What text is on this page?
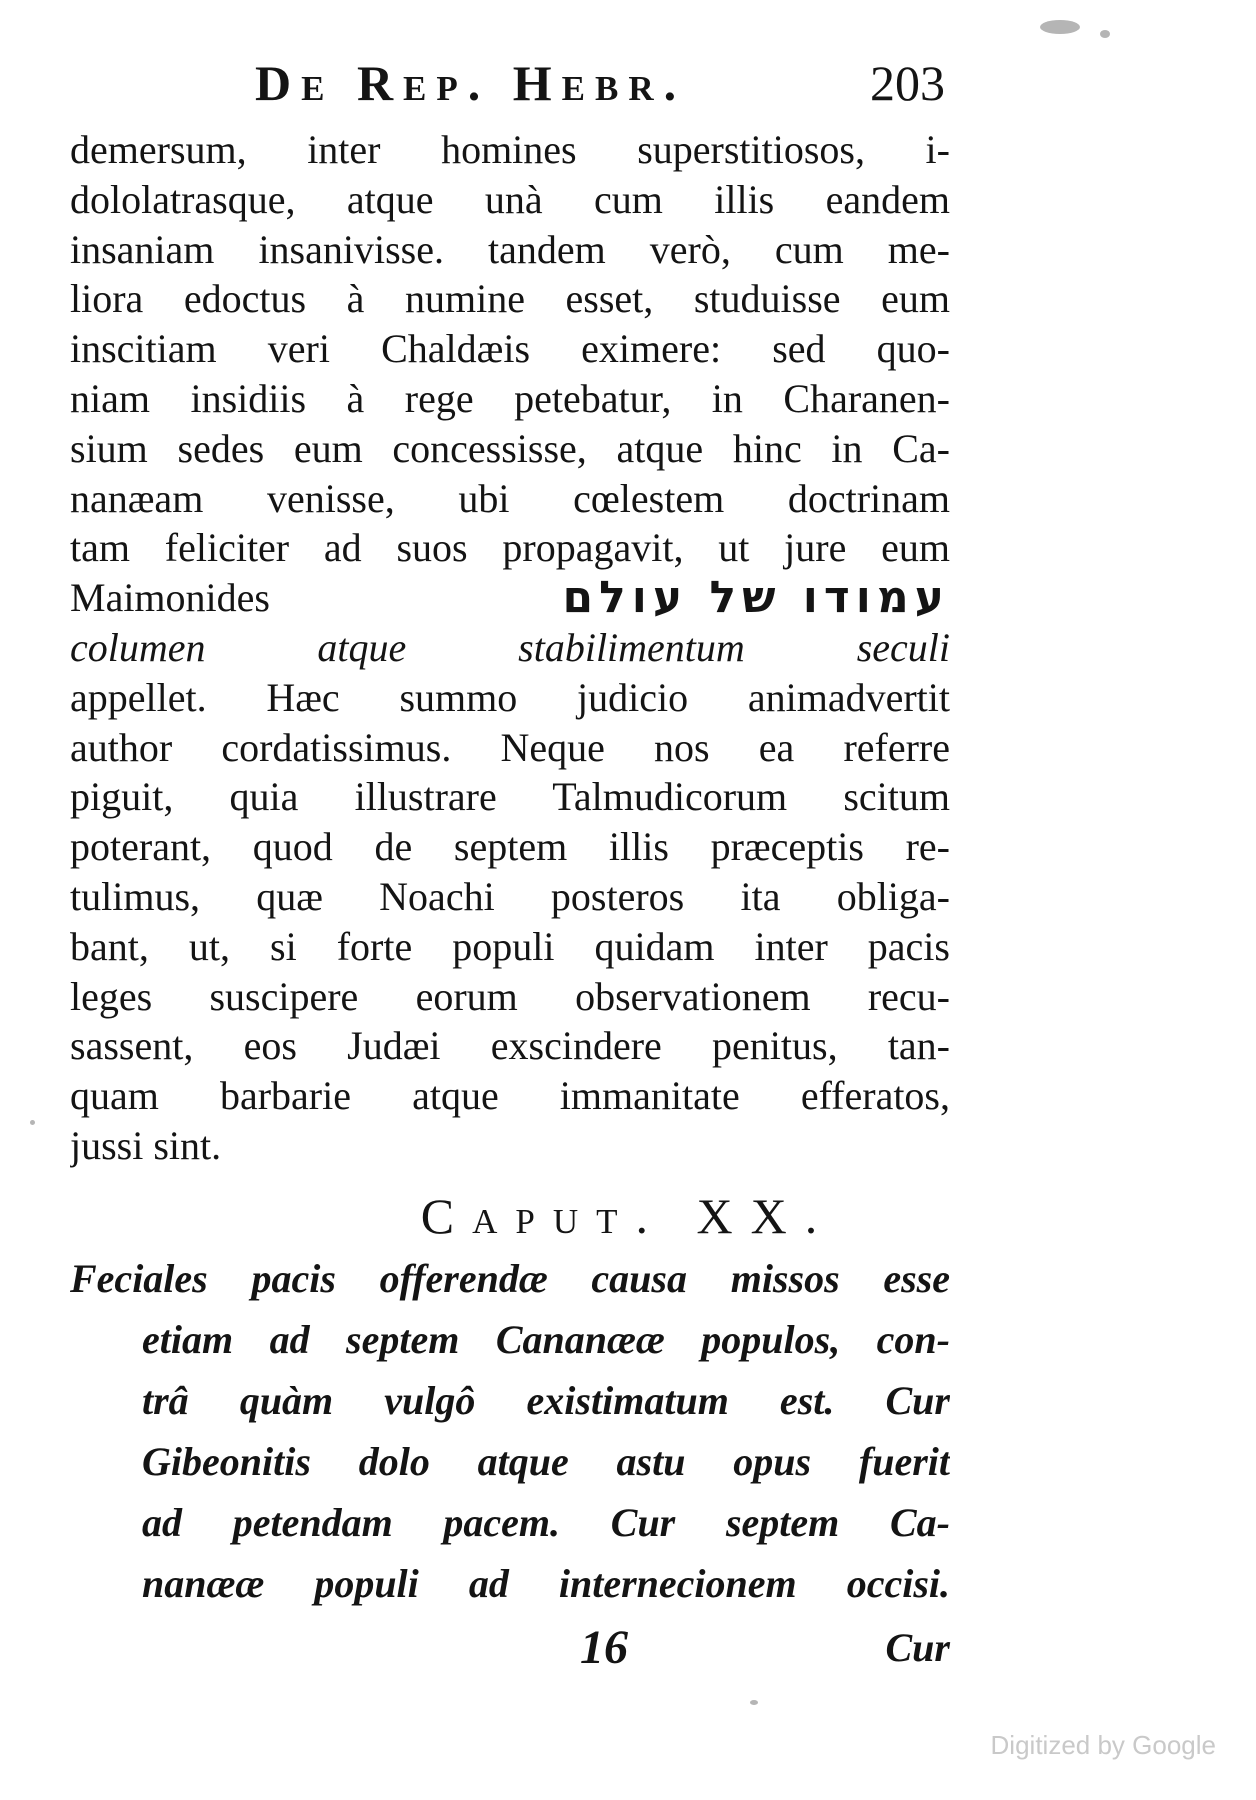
De Rep. Hebr.	203
demersum, inter homines superstitiosos, i-
dololatrasque, atque unà cum illis eandem
insaniam insanivisse. tandem verò, cum me-
liora edoctus à numine esset, studuisse eum
inscitiam veri Chaldæis eximere: sed quo-
niam insidiis à rege petebatur, in Charanen-
sium sedes eum concessisse, atque hinc in Ca-
nanæam venisse, ubi cœlestem doctrinam
tam feliciter ad suos propagavit, ut jure eum
Maimonides	עמודו של עולם
columen atque stabilimentum seculi
appellet. Hæc summo judicio animadvertit
author cordatissimus. Neque nos ea referre
piguit, quia illustrare Talmudicorum scitum
poterant, quod de septem illis præceptis re-
tulimus, quæ Noachi posteros ita obliga-
bant, ut, si forte populi quidam inter pacis
leges suscipere eorum observationem recu-
sassent, eos Judæi exscindere penitus, tan-
quam barbarie atque immanitate efferatos,
jussi sint.
Caput. XX.
Feciales pacis offerendæ causa missos esse
etiam ad septem Cananææ populos, con-
trâ quàm vulgô existimatum est. Cur
Gibeonitis dolo atque astu opus fuerit
ad petendam pacem. Cur septem Ca-
nanææ populi ad internecionem occisi.
16	Cur
Digitized by Google
